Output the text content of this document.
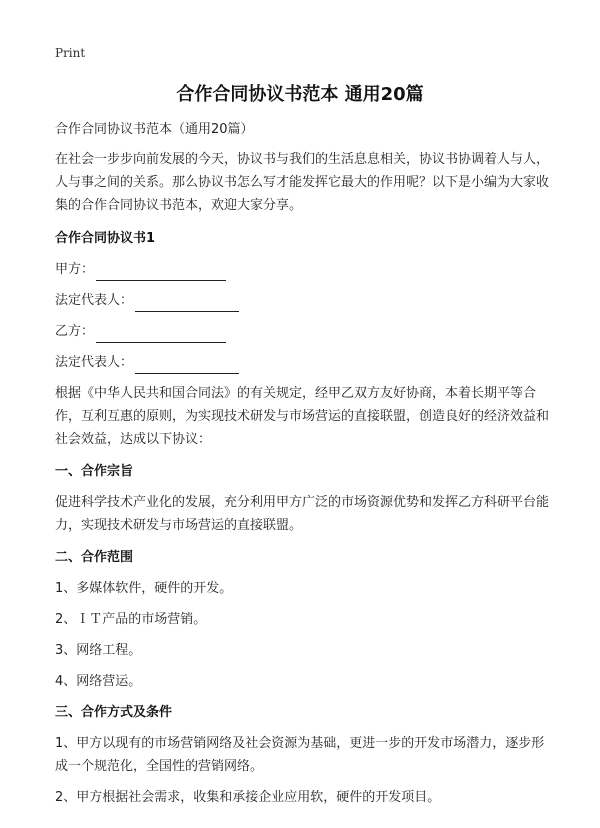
Print
合作合同协议书范本 通用20篇

合作合同协议书范本（通用20篇）

在社会一步步向前发展的今天，协议书与我们的生活息息相关，协议书协调着人与人，人与事之间的关系。那么协议书怎么写才能发挥它最大的作用呢？以下是小编为大家收集的合作合同协议书范本，欢迎大家分享。

合作合同协议书1

甲方：
法定代表人：
乙方：
法定代表人：

根据《中华人民共和国合同法》的有关规定，经甲乙双方友好协商，本着长期平等合作，互利互惠的原则，为实现技术研发与市场营运的直接联盟，创造良好的经济效益和社会效益，达成以下协议：

一、合作宗旨

促进科学技术产业化的发展，充分利用甲方广泛的市场资源优势和发挥乙方科研平台能力，实现技术研发与市场营运的直接联盟。

二、合作范围

1、多媒体软件，硬件的开发。

2、ＩＴ产品的市场营销。

3、网络工程。

4、网络营运。

三、合作方式及条件

1、甲方以现有的市场营销网络及社会资源为基础，更进一步的开发市场潜力，逐步形成一个规范化，全国性的营销网络。

2、甲方根据社会需求，收集和承接企业应用软，硬件的开发项目。
